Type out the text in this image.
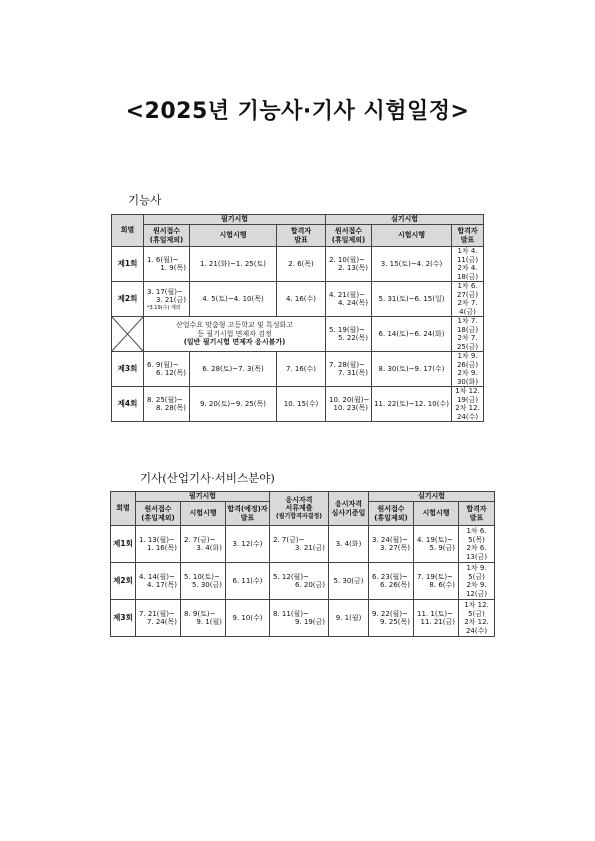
<2025년 기능사·기사 시험일정>
기능사
회별	필기시험			실기시험		

	원서접수
(휴일제외)	시험시행	합격자
발표	원서접수
(휴일제외)	시험시행	합격자
발표

제1회	1. 6(월)~
1. 9(목)	1. 21(화)~1. 25(토)	2. 6(목)	2. 10(월)~
2. 13(목)	3. 15(토)~4. 2(수)	1차 4. 11(금)
2차 4. 18(금)

제2회	3. 17(월)~
3. 21(금)
*3.19(수) 제외	4. 5(토)~4. 10(목)	4. 16(수)	4. 21(월)~
4. 24(목)	5. 31(토)~6. 15(일)	1차 6. 27(금)
2차 7. 4(금)

산업수요 맞춤형 고등학교 및 특성화고
등 필기시험 면제자 검정
(일반 필기시험 면제자 응시불가)			5. 19(월)~
5. 22(목)	6. 14(토)~6. 24(화)	1차 7. 18(금)
2차 7. 25(금)

제3회	6. 9(월)~
6. 12(목)	6. 28(토)~7. 3(목)	7. 16(수)	7. 28(월)~
7. 31(목)	8. 30(토)~9. 17(수)	1차 9. 26(금)
2차 9. 30(화)

제4회	8. 25(월)~
8. 28(목)	9. 20(토)~9. 25(목)	10. 15(수)	10. 20(월)~
10. 23(목)	11. 22(토)~12. 10(수)	1차 12. 19(금)
2차 12. 24(수)
기사(산업기사·서비스분야)
회별	필기시험			응시자격
서류제출
(필기합격자결정)	응시자격
심사기준일	실기시험		

	원서접수
(휴일제외)	시험시행	합격(예정)자
발표			원서접수
(휴일제외)	시험시행	합격자
발표

제1회	1. 13(월)~
1. 16(목)	2. 7(금)~
3. 4(화)	3. 12(수)	2. 7(금)~
3. 21(금)	3. 4(화)	3. 24(월)~
3. 27(목)	4. 19(토)~
5. 9(금)	1차 6. 5(목)
2차 6. 13(금)

제2회	4. 14(월)~
4. 17(목)	5. 10(토)~
5. 30(금)	6. 11(수)	5. 12(월)~
6. 20(금)	5. 30(금)	6. 23(월)~
6. 26(목)	7. 19(토)~
8. 6(수)	1차 9. 5(금)
2차 9. 12(금)

제3회	7. 21(월)~
7. 24(목)	8. 9(토)~
9. 1(월)	9. 10(수)	8. 11(월)~
9. 19(금)	9. 1(월)	9. 22(월)~
9. 25(목)	11. 1(토)~
11. 21(금)	1차 12. 5(금)
2차 12. 24(수)
